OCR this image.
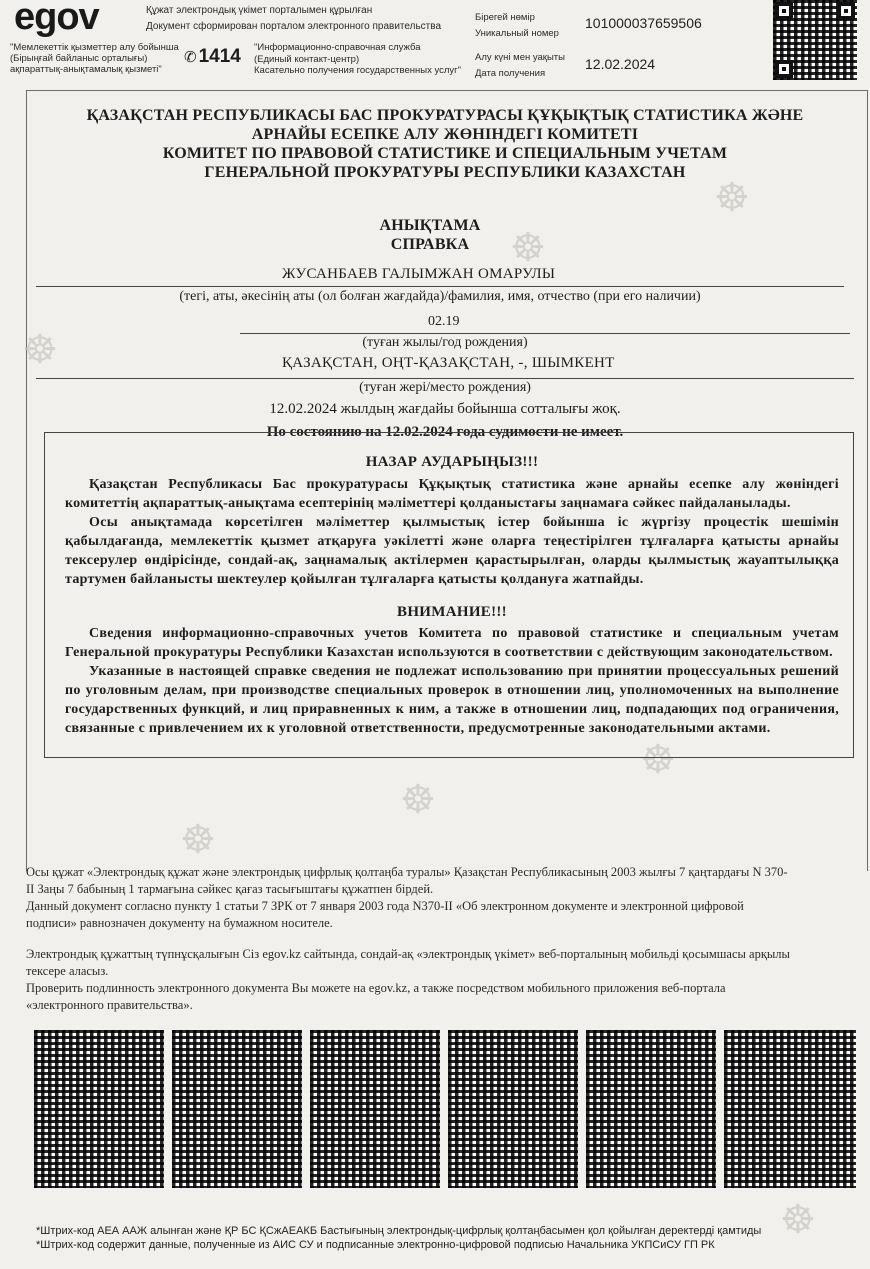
egov	Құжат электрондық үкімет порталымен құрылған
Документ сформирован порталом электронного правительства
"Мемлекеттік қызметтер алу бойынша
(Бірыңғай байланыс орталығы)
ақпараттық-анықтамалық қызметі"
✆ 1414 "Информационно-справочная служба
(Единый контакт-центр)
Касательно получения государственных услуг"
Бірегей нөмір
Уникальный номер
101000037659506
Алу күні мен уақыты
Дата получения
12.02.2024
☸
☸
☸
☸
☸
☸
☸
ҚАЗАҚСТАН РЕСПУБЛИКАСЫ БАС ПРОКУРАТУРАСЫ ҚҰҚЫҚТЫҚ СТАТИСТИКА ЖӘНЕ
АРНАЙЫ ЕСЕПКЕ АЛУ ЖӨНІНДЕГІ КОМИТЕТІ
КОМИТЕТ ПО ПРАВОВОЙ СТАТИСТИКЕ И СПЕЦИАЛЬНЫМ УЧЕТАМ
ГЕНЕРАЛЬНОЙ ПРОКУРАТУРЫ РЕСПУБЛИКИ КАЗАХСТАН
АНЫҚТАМА
СПРАВКА
ЖУСАНБАЕВ ГАЛЫМЖАН ОМАРУЛЫ
(тегі, аты, әкесінің аты (ол болған жағдайда)/фамилия, имя, отчество (при его наличии)
02.19
(туған жылы/год рождения)
ҚАЗАҚСТАН, ОҢТ-ҚАЗАҚСТАН, -, ШЫМКЕНТ
(туған жері/место рождения)
12.02.2024 жылдың жағдайы бойынша сотталығы жоқ.
По состоянию на 12.02.2024 года судимости не имеет.

НАЗАР АУДАРЫҢЫЗ!!!

Қазақстан Республикасы Бас прокуратурасы Құқықтық статистика және арнайы есепке алу жөніндегі комитеттің ақпараттық-анықтама есептерінің мәліметтері қолданыстағы заңнамаға сәйкес пайдаланылады.

Осы анықтамада көрсетілген мәліметтер қылмыстық істер бойынша іс жүргізу процестік шешімін қабылдағанда, мемлекеттік қызмет атқаруға уәкілетті және оларға теңестірілген тұлғаларға қатысты арнайы тексерулер өндірісінде, сондай-ақ, заңнамалық актілермен қарастырылған, оларды қылмыстық жауаптылыққа тартумен байланысты шектеулер қойылған тұлғаларға қатысты қолдануға жатпайды.

ВНИМАНИЕ!!!

Сведения информационно-справочных учетов Комитета по правовой статистике и специальным учетам Генеральной прокуратуры Республики Казахстан используются в соответствии с действующим законодательством.

Указанные в настоящей справке сведения не подлежат использованию при принятии процессуальных решений по уголовным делам, при производстве специальных проверок в отношении лиц, уполномоченных на выполнение государственных функций, и лиц приравненных к ним, а также в отношении лиц, подпадающих под ограничения, связанные с привлечением их к уголовной ответственности, предусмотренные законодательными актами.

Осы құжат «Электрондық құжат және электрондық цифрлық қолтаңба туралы» Қазақстан Республикасының 2003 жылғы 7 қаңтардағы N 370-
II Заңы 7 бабының 1 тармағына сәйкес қағаз тасығыштағы құжатпен бірдей.
Данный документ согласно пункту 1 статьи 7 ЗРК от 7 января 2003 года N370-II «Об электронном документе и электронной цифровой
подписи» равнозначен документу на бумажном носителе.
Электрондық құжаттың түпнұсқалығын Сіз egov.kz сайтында, сондай-ақ «электрондық үкімет» веб-порталының мобильді қосымшасы арқылы
тексере аласыз.
Проверить подлинность электронного документа Вы можете на egov.kz, а также посредством мобильного приложения веб-портала
«электронного правительства».
*Штрих-код АЕА ААЖ алынған және ҚР БС ҚСжАЕАКБ Бастығының электрондық-цифрлық қолтаңбасымен қол қойылған деректерді қамтиды
*Штрих-код содержит данные, полученные из АИС СУ и подписанные электронно-цифровой подписью Начальника УКПСиСУ ГП РК
